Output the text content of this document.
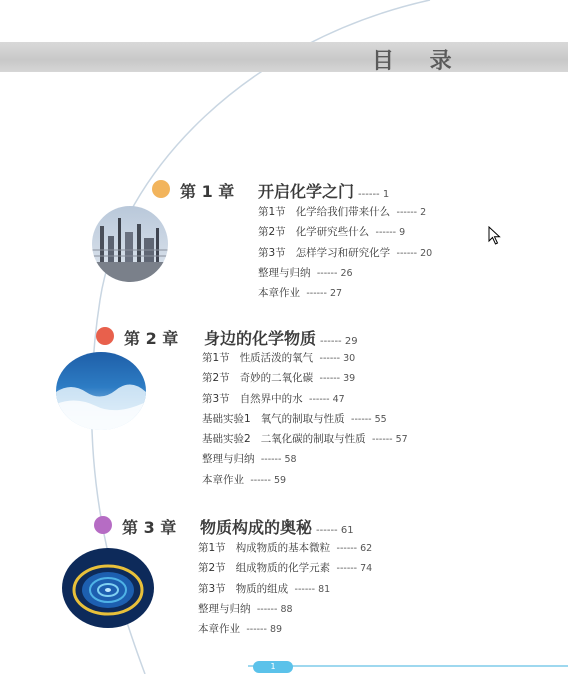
目 录
第 1 章 开启化学之门 ------ 1
第1节 化学给我们带来什么 ------ 2
第2节 化学研究些什么 ------ 9
第3节 怎样学习和研究化学 ------ 20
整理与归纳 ------ 26
本章作业 ------ 27
第 2 章 身边的化学物质 ------ 29
第1节 性质活泼的氧气 ------ 30
第2节 奇妙的二氧化碳 ------ 39
第3节 自然界中的水 ------ 47
基础实验1 氧气的制取与性质 ------ 55
基础实验2 二氧化碳的制取与性质 ------ 57
整理与归纳 ------ 58
本章作业 ------ 59
第 3 章 物质构成的奥秘 ------ 61
第1节 构成物质的基本微粒 ------ 62
第2节 组成物质的化学元素 ------ 74
第3节 物质的组成 ------ 81
整理与归纳 ------ 88
本章作业 ------ 89
1
